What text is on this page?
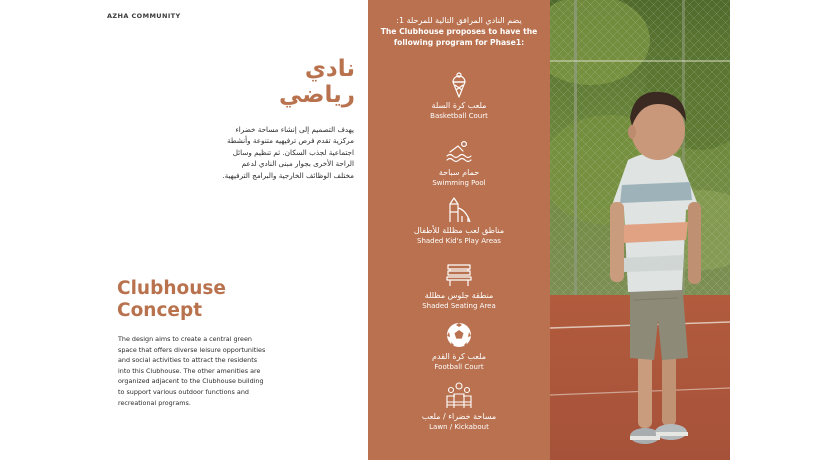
AZHA COMMUNITY
نادي
رياضي
يهدف التصميم إلى إنشاء مساحة خضراء مركزية تقدم فرص ترفيهيه متنوعة وأنشطة اجتماعية لجذب السكان. ثم تنظيم وسائل الراحة الأخرى بجوار مبنى النادي لدعم مختلف الوظائف الخارجية والبرامج الترفيهية.
Clubhouse
Concept
The design aims to create a central green space that offers diverse leisure opportunities and social activities to attract the residents into this Clubhouse. The other amenities are organized adjacent to the Clubhouse building to support various outdoor functions and recreational programs.
يضم النادي المرافق التالية للمرحلة 1:
The Clubhouse proposes to have the
following program for Phase1:
ملعب كرة السلة
Basketball Court
حمام سباحة
Swimming Pool
مناطق لعب مظللة للأطفال
Shaded Kid's Play Areas
منطقة جلوس مظللة
Shaded Seating Area
ملعب كرة القدم
Football Court
مساحة خضراء / ملعب
Lawn / Kickabout
